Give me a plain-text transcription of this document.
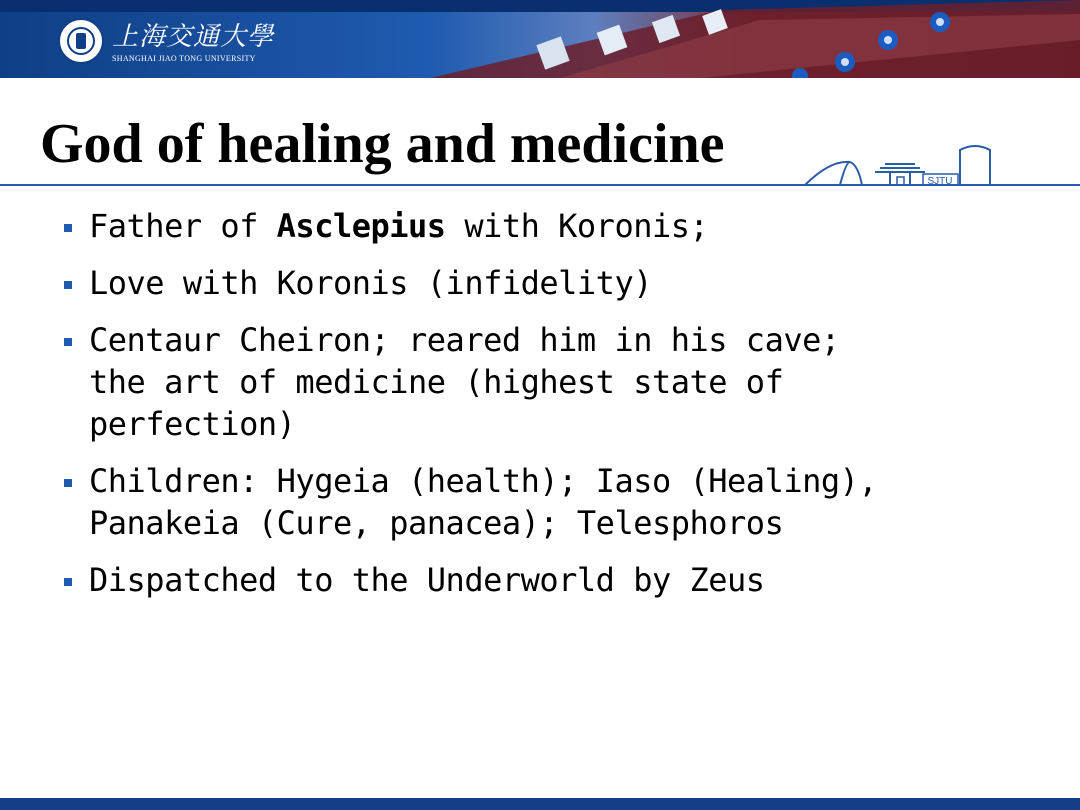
上海交通大學
SHANGHAI JIAO TONG UNIVERSITY
God of healing and medicine
SJTU
Father of Asclepius with Koronis;
Love with Koronis (infidelity)
Centaur Cheiron; reared him in his cave;
the art of medicine (highest state of
perfection)
Children: Hygeia (health); Iaso (Healing),
Panakeia (Cure, panacea); Telesphoros
Dispatched to the Underworld by Zeus
